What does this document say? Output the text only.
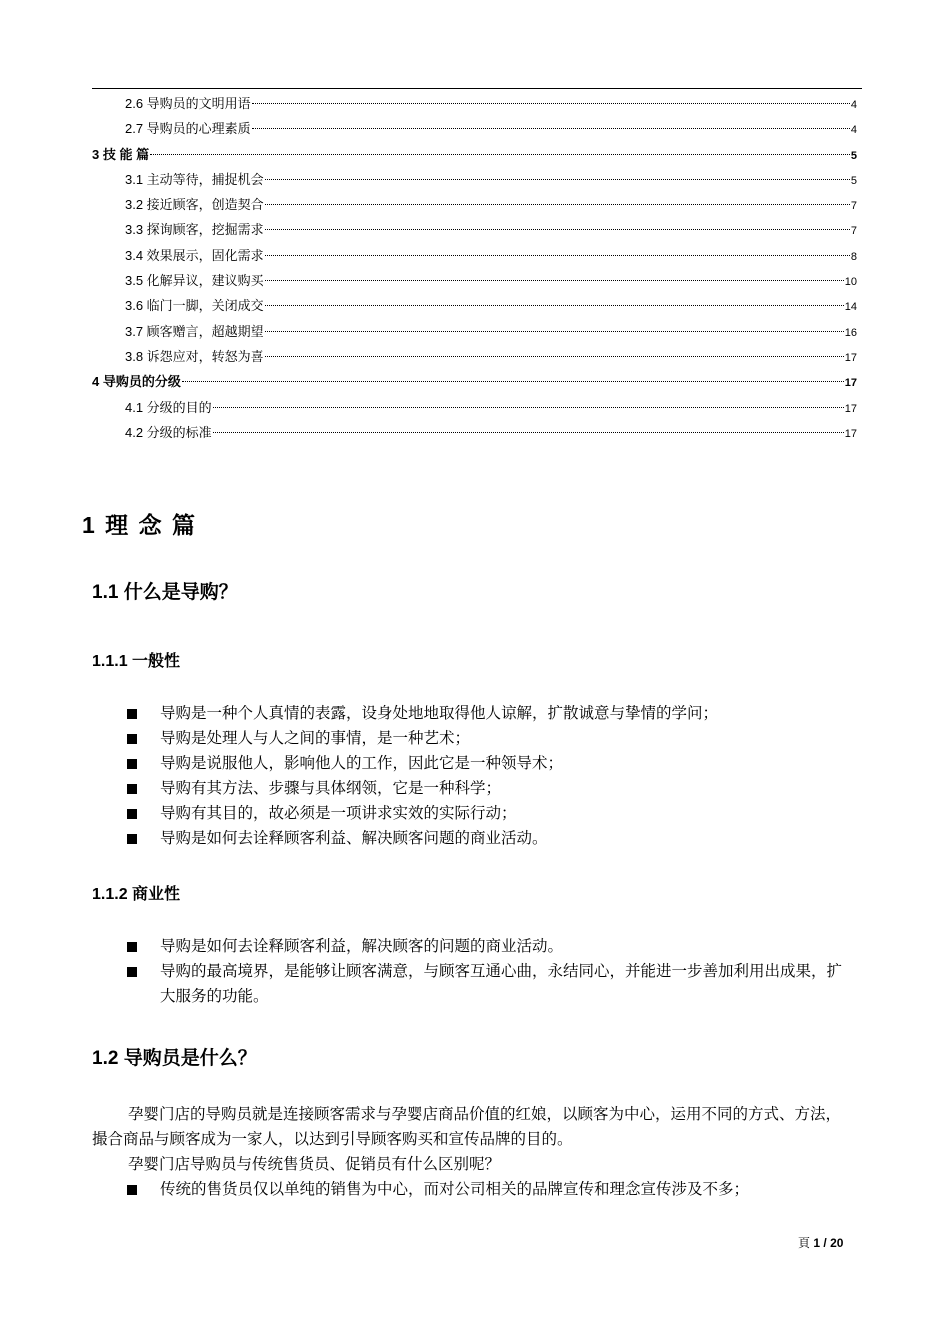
2.6 导购员的文明用语	4
2.7 导购员的心理素质	4
3 技 能 篇	5
3.1 主动等待，捕捉机会	5
3.2 接近顾客，创造契合	7
3.3 探询顾客，挖掘需求	7
3.4 效果展示，固化需求	8
3.5 化解异议，建议购买	10
3.6 临门一脚，关闭成交	14
3.7 顾客赠言，超越期望	16
3.8 诉怨应对，转怒为喜	17
4 导购员的分级	17
4.1 分级的目的	17
4.2 分级的标准	17
1 理 念 篇
1.1 什么是导购？
1.1.1 一般性
导购是一种个人真情的表露，设身处地地取得他人谅解，扩散诚意与挚情的学问；
导购是处理人与人之间的事情，是一种艺术；
导购是说服他人，影响他人的工作，因此它是一种领导术；
导购有其方法、步骤与具体纲领，它是一种科学；
导购有其目的，故必须是一项讲求实效的实际行动；
导购是如何去诠释顾客利益、解决顾客问题的商业活动。
1.1.2 商业性
导购是如何去诠释顾客利益，解决顾客的问题的商业活动。
导购的最高境界，是能够让顾客满意，与顾客互通心曲，永结同心，并能进一步善加利用出成果，扩大服务的功能。
1.2 导购员是什么？

孕婴门店的导购员就是连接顾客需求与孕婴店商品价值的红娘，以顾客为中心，运用不同的方式、方法，撮合商品与顾客成为一家人，以达到引导顾客购买和宣传品牌的目的。

孕婴门店导购员与传统售货员、促销员有什么区别呢？

传统的售货员仅以单纯的销售为中心，而对公司相关的品牌宣传和理念宣传涉及不多；
頁 1 / 20
